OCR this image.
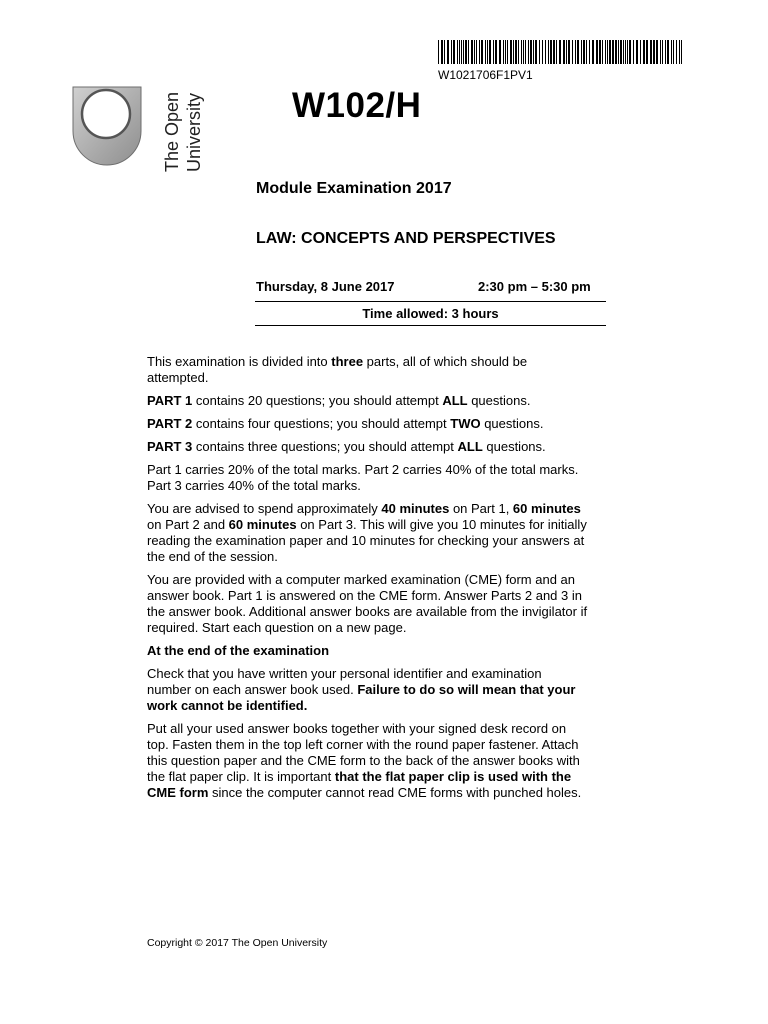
W1021706F1PV1
The Open University	W102/H
Module Examination 2017
LAW: CONCEPTS AND PERSPECTIVES
Thursday, 8 June 2017	2:30 pm – 5:30 pm
Time allowed: 3 hours

This examination is divided into three parts, all of which should be attempted.

PART 1 contains 20 questions; you should attempt ALL questions.

PART 2 contains four questions; you should attempt TWO questions.

PART 3 contains three questions; you should attempt ALL questions.

Part 1 carries 20% of the total marks. Part 2 carries 40% of the total marks. Part 3 carries 40% of the total marks.

You are advised to spend approximately 40 minutes on Part 1, 60 minutes on Part 2 and 60 minutes on Part 3. This will give you 10 minutes for initially reading the examination paper and 10 minutes for checking your answers at the end of the session.

You are provided with a computer marked examination (CME) form and an answer book. Part 1 is answered on the CME form. Answer Parts 2 and 3 in the answer book. Additional answer books are available from the invigilator if required. Start each question on a new page.

At the end of the examination

Check that you have written your personal identifier and examination number on each answer book used. Failure to do so will mean that your work cannot be identified.

Put all your used answer books together with your signed desk record on top. Fasten them in the top left corner with the round paper fastener. Attach this question paper and the CME form to the back of the answer books with the flat paper clip. It is important that the flat paper clip is used with the CME form since the computer cannot read CME forms with punched holes.

Copyright © 2017 The Open University
